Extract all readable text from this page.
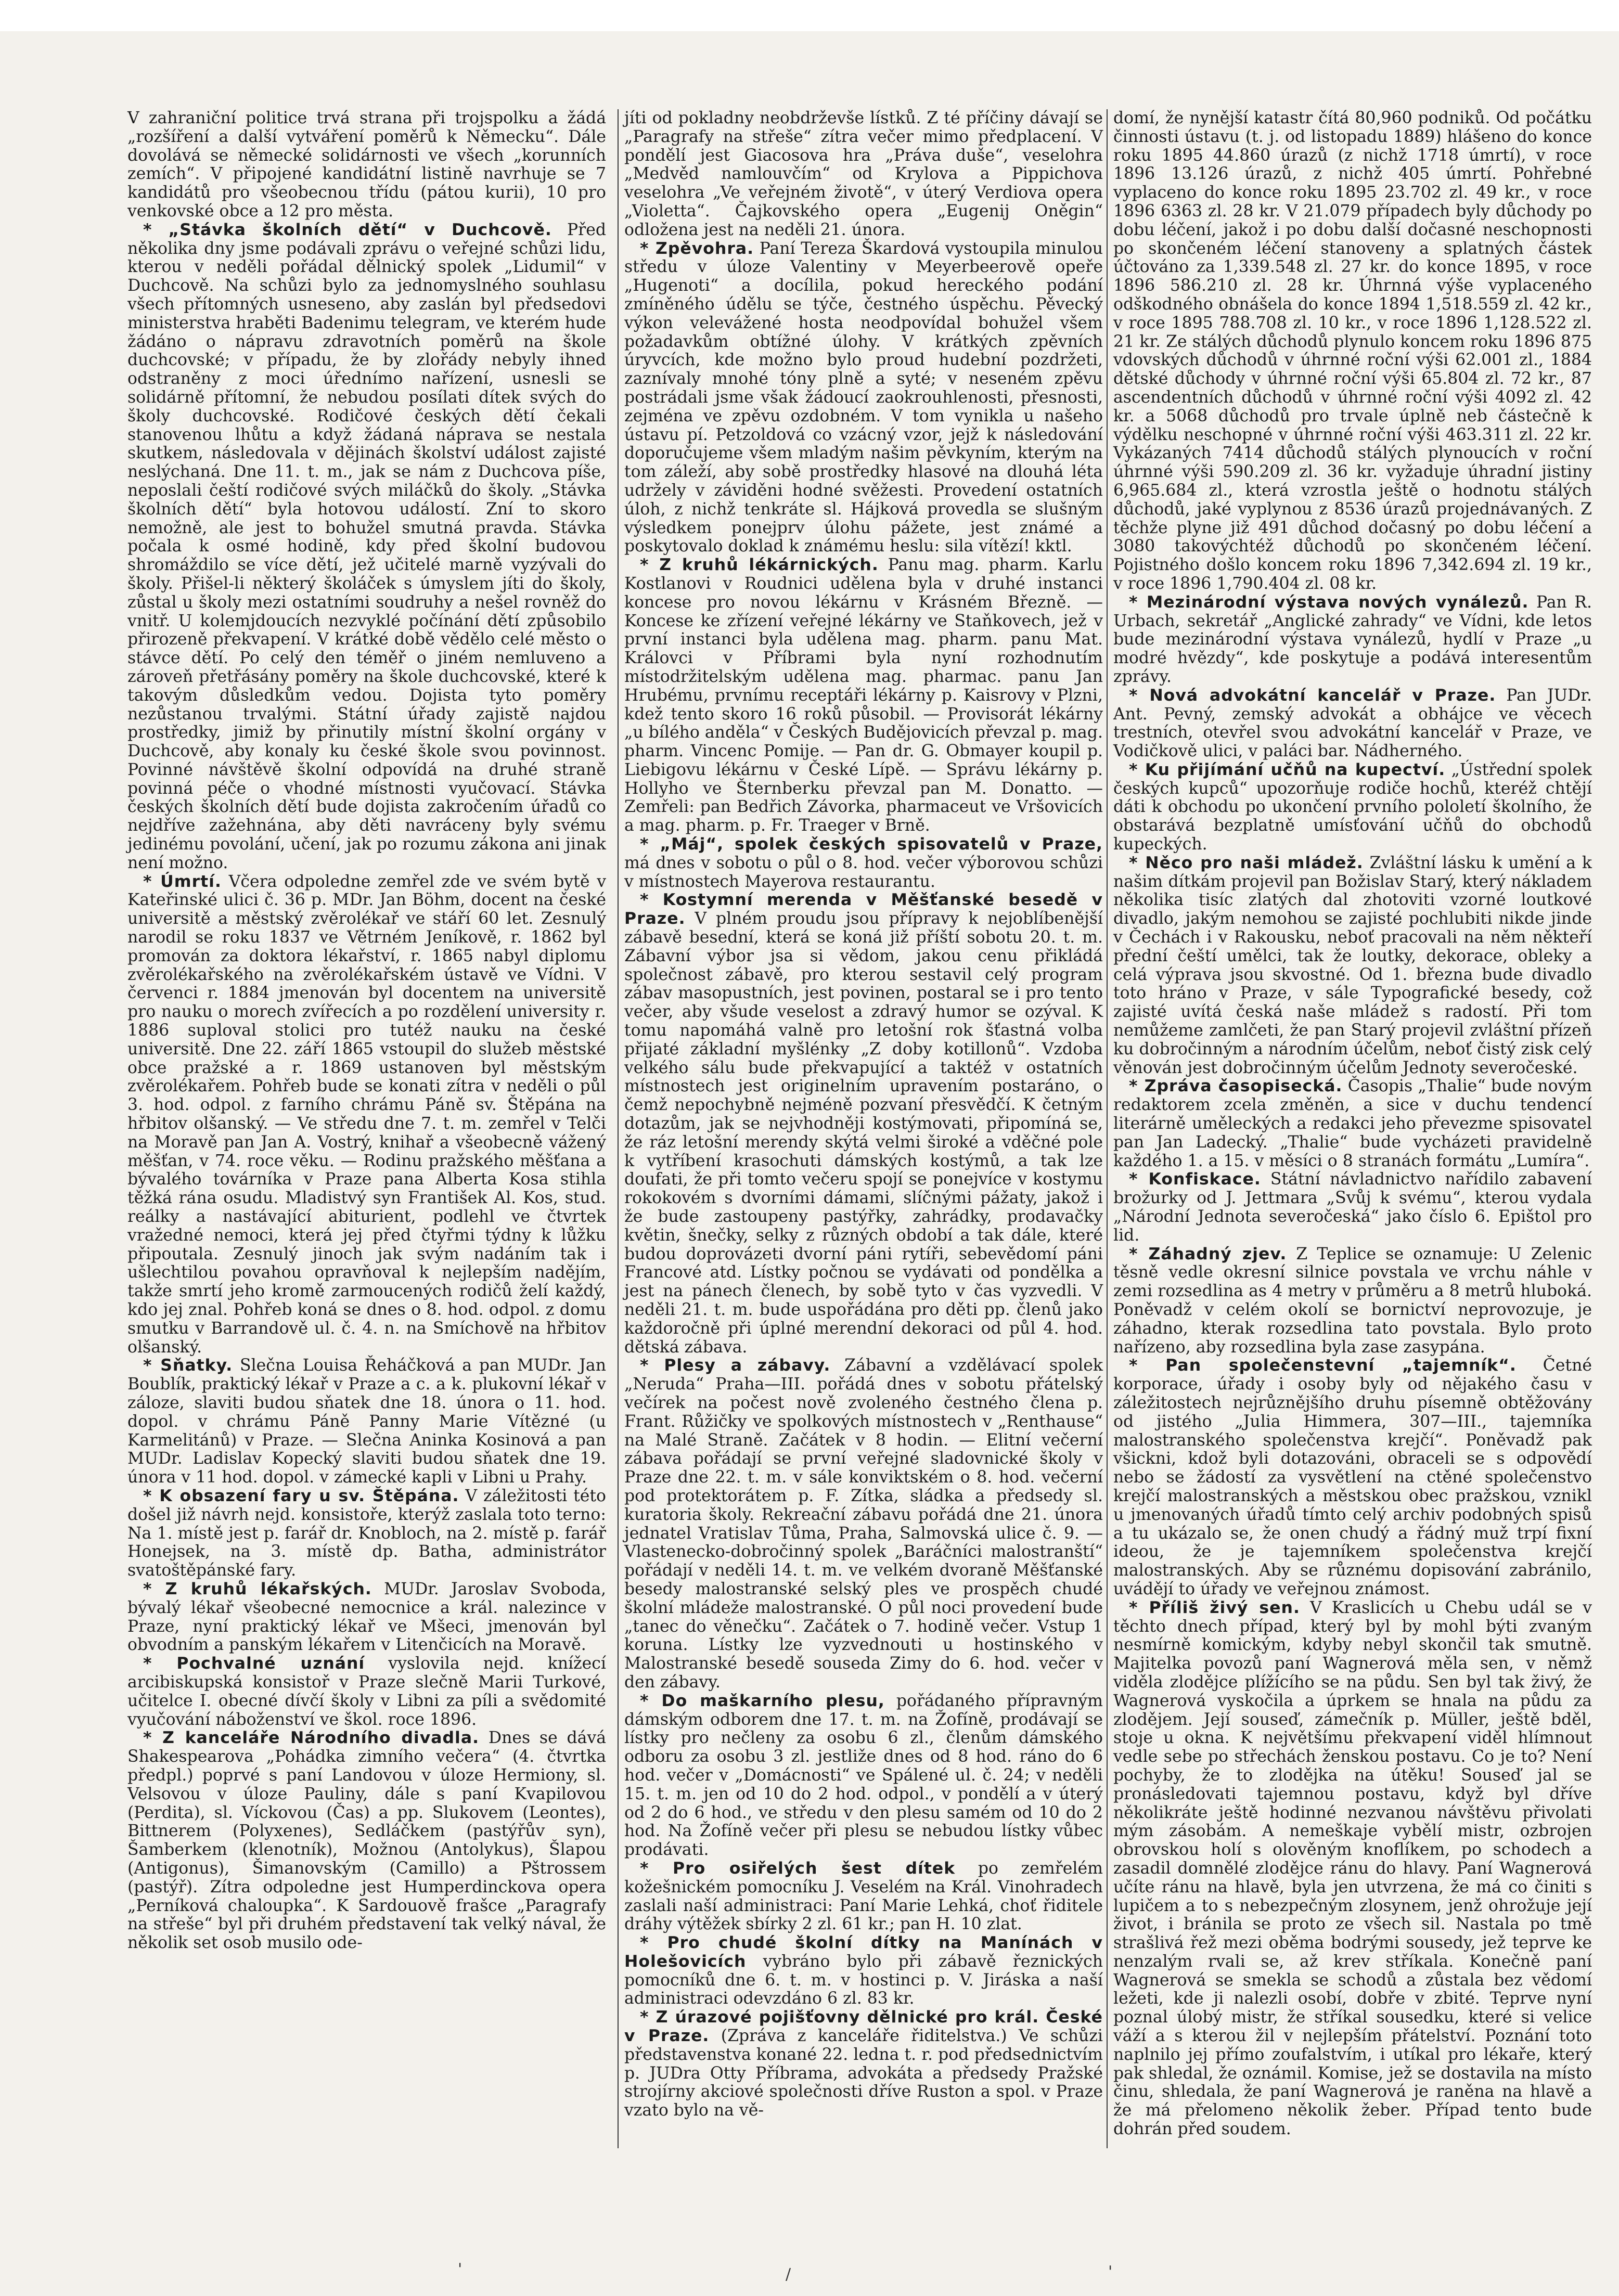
V zahraniční politice trvá strana při trojspolku a žádá „rozšíření a další vytváření poměrů k Německu“. Dále dovolává se německé solidárnosti ve všech „korunních zemích“. V připojené kandidátní listině navrhuje se 7 kandidátů pro všeobecnou třídu (pátou kurii), 10 pro venkovské obce a 12 pro města.

* „Stávka školních dětí“ v Duchcově. Před několika dny jsme podávali zprávu o veřejné schůzi lidu, kterou v neděli pořádal dělnický spolek „Lidumil“ v Duchcově. Na schůzi bylo za jednomyslného souhlasu všech přítomných usneseno, aby zaslán byl předsedovi ministerstva hraběti Badenimu telegram, ve kterém hude žádáno o nápravu zdravotních poměrů na škole duchcovské; v případu, že by zlořády nebyly ihned odstraněny z moci úřednímo nařízení, usnesli se solidárně přítomní, že nebudou posílati dítek svých do školy duchcovské. Rodičové českých dětí čekali stanovenou lhůtu a když žádaná náprava se nestala skutkem, následovala v dějinách školství událost zajisté neslýchaná. Dne 11. t. m., jak se nám z Duchcova píše, neposlali čeští rodičové svých miláčků do školy. „Stávka školních dětí“ byla hotovou událostí. Zní to skoro nemožně, ale jest to bohužel smutná pravda. Stávka počala k osmé hodině, kdy před školní budovou shromáždilo se více dětí, jež učitelé marně vyzývali do školy. Přišel-li některý školáček s úmyslem jíti do školy, zůstal u školy mezi ostatními soudruhy a nešel rovněž do vnitř. U kolemjdoucích nezvyklé počínání dětí způsobilo přirozeně překvapení. V krátké době vědělo celé město o stávce dětí. Po celý den téměř o jiném nemluveno a zároveň přetřásány poměry na škole duchcovské, které k takovým důsledkům vedou. Dojista tyto poměry nezůstanou trvalými. Státní úřady zajistě najdou prostředky, jimiž by přinutily místní školní orgány v Duchcově, aby konaly ku české škole svou povinnost. Povinné návštěvě školní odpovídá na druhé straně povinná péče o vhodné místnosti vyučovací. Stávka českých školních dětí bude dojista zakročením úřadů co nejdříve zažehnána, aby děti navráceny byly svému jedinému povolání, učení, jak po rozumu zákona ani jinak není možno.

* Úmrtí. Včera odpoledne zemřel zde ve svém bytě v Kateřinské ulici č. 36 p. MDr. Jan Böhm, docent na české universitě a městský zvěrolékař ve stáří 60 let. Zesnulý narodil se roku 1837 ve Větrném Jeníkově, r. 1862 byl promován za doktora lékařství, r. 1865 nabyl diplomu zvěrolékařského na zvěrolékařském ústavě ve Vídni. V červenci r. 1884 jmenován byl docentem na universitě pro nauku o morech zvířecích a po rozdělení university r. 1886 suploval stolici pro tutéž nauku na české universitě. Dne 22. září 1865 vstoupil do služeb městské obce pražské a r. 1869 ustanoven byl městským zvěrolékařem. Pohřeb bude se konati zítra v neděli o půl 3. hod. odpol. z farního chrámu Páně sv. Štěpána na hřbitov olšanský. — Ve středu dne 7. t. m. zemřel v Telči na Moravě pan Jan A. Vostrý, knihař a všeobecně vážený měšťan, v 74. roce věku. — Rodinu pražského měšťana a bývalého továrníka v Praze pana Alberta Kosa stihla těžká rána osudu. Mladistvý syn František Al. Kos, stud. reálky a nastávající abiturient, podlehl ve čtvrtek vražedné nemoci, která jej před čtyřmi týdny k lůžku připoutala. Zesnulý jinoch jak svým nadáním tak i ušlechtilou povahou opravňoval k nejlepším nadějím, takže smrtí jeho kromě zarmoucených rodičů želí každý, kdo jej znal. Pohřeb koná se dnes o 8. hod. odpol. z domu smutku v Barrandově ul. č. 4. n. na Smíchově na hřbitov olšanský.

* Sňatky. Slečna Louisa Řeháčková a pan MUDr. Jan Boublík, praktický lékař v Praze a c. a k. plukovní lékař v záloze, slaviti budou sňatek dne 18. února o 11. hod. dopol. v chrámu Páně Panny Marie Vítězné (u Karmelitánů) v Praze. — Slečna Aninka Kosinová a pan MUDr. Ladislav Kopecký slaviti budou sňatek dne 19. února v 11 hod. dopol. v zámecké kapli v Libni u Prahy.

* K obsazení fary u sv. Štěpána. V záležitosti této došel již návrh nejd. konsistoře, kterýž zaslala toto terno: Na 1. místě jest p. farář dr. Knobloch, na 2. místě p. farář Honejsek, na 3. místě dp. Batha, administrátor svatoštěpánské fary.

* Z kruhů lékařských. MUDr. Jaroslav Svoboda, bývalý lékař všeobecné nemocnice a král. nalezince v Praze, nyní praktický lékař ve Mšeci, jmenován byl obvodním a panským lékařem v Litenčicích na Moravě.

* Pochvalné uznání vyslovila nejd. knížecí arcibiskupská konsistoř v Praze slečně Marii Turkové, učitelce I. obecné dívčí školy v Libni za píli a svědomité vyučování náboženství ve škol. roce 1896.

* Z kanceláře Národního divadla. Dnes se dává Shakespearova „Pohádka zimního večera“ (4. čtvrtka předpl.) poprvé s paní Landovou v úloze Hermiony, sl. Velsovou v úloze Pauliny, dále s paní Kvapilovou (Perdita), sl. Víckovou (Čas) a pp. Slukovem (Leontes), Bittnerem (Polyxenes), Sedláčkem (pastýřův syn), Šamberkem (klenotník), Možnou (Antolykus), Šlapou (Antigonus), Šimanovským (Camillo) a Pštrossem (pastýř). Zítra odpoledne jest Humperdinckova opera „Perníková chaloupka“. K Sardouově frašce „Paragrafy na střeše“ byl při druhém představení tak velký nával, že několik set osob musilo ode-

jíti od pokladny neobdrževše lístků. Z té příčiny dávají se „Paragrafy na střeše“ zítra večer mimo předplacení. V pondělí jest Giacosova hra „Práva duše“, veselohra „Medvěd namlouvčím“ od Krylova a Pippichova veselohra „Ve veřejném životě“, v úterý Verdiova opera „Violetta“. Čajkovského opera „Eugenij Oněgin“ odložena jest na neděli 21. února.

* Zpěvohra. Paní Tereza Škardová vystoupila minulou středu v úloze Valentiny v Meyerbeerově opeře „Hugenoti“ a docílila, pokud hereckého podání zmíněného údělu se týče, čestného úspěchu. Pěvecký výkon velevážené hosta neodpovídal bohužel všem požadavkům obtížné úlohy. V krátkých zpěvních úryvcích, kde možno bylo proud hudební pozdržeti, zaznívaly mnohé tóny plně a syté; v neseném zpěvu postrádali jsme však žádoucí zaokrouhlenosti, přesnosti, zejména ve zpěvu ozdobném. V tom vynikla u našeho ústavu pí. Petzoldová co vzácný vzor, jejž k následování doporučujeme všem mladým našim pěvkyním, kterým na tom záleží, aby sobě prostředky hlasové na dlouhá léta udržely v záviděni hodné svěžesti. Provedení ostatních úloh, z nichž tenkráte sl. Hájková provedla se slušným výsledkem ponejprv úlohu pážete, jest známé a poskytovalo doklad k známému heslu: sila vítězí! kktl.

* Z kruhů lékárnických. Panu mag. pharm. Karlu Kostlanovi v Roudnici udělena byla v druhé instanci koncese pro novou lékárnu v Krásném Březně. — Koncese ke zřízení veřejné lékárny ve Staňkovech, jež v první instanci byla udělena mag. pharm. panu Mat. Královci v Příbrami byla nyní rozhodnutím místodržitelským udělena mag. pharmac. panu Jan Hrubému, prvnímu receptáři lékárny p. Kaisrovy v Plzni, kdež tento skoro 16 roků působil. — Provisorát lékárny „u bílého anděla“ v Českých Budějovicích převzal p. mag. pharm. Vincenc Pomije. — Pan dr. G. Obmayer koupil p. Liebigovu lékárnu v České Lípě. — Správu lékárny p. Hollyho ve Šternberku převzal pan M. Donatto. — Zemřeli: pan Bedřich Závorka, pharmaceut ve Vršovicích a mag. pharm. p. Fr. Traeger v Brně.

* „Máj“, spolek českých spisovatelů v Praze, má dnes v sobotu o půl o 8. hod. večer výborovou schůzi v místnostech Mayerova restaurantu.

* Kostymní merenda v Měšťanské besedě v Praze. V plném proudu jsou přípravy k nejoblíbenější zábavě besední, která se koná již příští sobotu 20. t. m. Zábavní výbor jsa si vědom, jakou cenu přikládá společnost zábavě, pro kterou sestavil celý program zábav masopustních, jest povinen, postaral se i pro tento večer, aby všude veselost a zdravý humor se ozýval. K tomu napomáhá valně pro letošní rok šťastná volba přijaté základní myšlénky „Z doby kotillonů“. Vzdoba velkého sálu bude překvapující a taktéž v ostatních místnostech jest originelním upravením postaráno, o čemž nepochybně nejméně pozvaní přesvědčí. K četným dotazům, jak se nejvhodněji kostýmovati, připomíná se, že ráz letošní merendy skýtá velmi široké a vděčné pole k vytříbení krasochuti dámských kostýmů, a tak lze doufati, že při tomto večeru spojí se ponejvíce v kostymu rokokovém s dvorními dámami, slíčnými pážaty, jakož i že bude zastoupeny pastýřky, zahrádky, prodavačky květin, šnečky, selky z různých období a tak dále, které budou doprovázeti dvorní páni rytíři, sebevědomí páni Francové atd. Lístky počnou se vydávati od pondělka a jest na pánech členech, by sobě tyto v čas vyzvedli. V neděli 21. t. m. bude uspořádána pro děti pp. členů jako každoročně při úplné merendní dekoraci od půl 4. hod. dětská zábava.

* Plesy a zábavy. Zábavní a vzdělávací spolek „Neruda“ Praha—III. pořádá dnes v sobotu přátelský večírek na počest nově zvoleného čestného člena p. Frant. Růžičky ve spolkových místnostech v „Renthause“ na Malé Straně. Začátek v 8 hodin. — Elitní večerní zábava pořádají se první veřejné sladovnické školy v Praze dne 22. t. m. v sále konviktském o 8. hod. večerní pod protektorátem p. F. Zítka, sládka a předsedy sl. kuratoria školy. Rekreační zábavu pořádá dne 21. února jednatel Vratislav Tůma, Praha, Salmovská ulice č. 9. — Vlastenecko-dobročinný spolek „Baráčníci malostranští“ pořádají v neděli 14. t. m. ve velkém dvoraně Měšťanské besedy malostranské selský ples ve prospěch chudé školní mládeže malostranské. O půl noci provedení bude „tanec do věnečku“. Začátek o 7. hodině večer. Vstup 1 koruna. Lístky lze vyzvednouti u hostinského v Malostranské besedě souseda Zimy do 6. hod. večer v den zábavy.

* Do maškarního plesu, pořádaného přípravným dámským odborem dne 17. t. m. na Žofíně, prodávají se lístky pro nečleny za osobu 6 zl., členům dámského odboru za osobu 3 zl. jestliže dnes od 8 hod. ráno do 6 hod. večer v „Domácnosti“ ve Spálené ul. č. 24; v neděli 15. t. m. jen od 10 do 2 hod. odpol., v pondělí a v úterý od 2 do 6 hod., ve středu v den plesu samém od 10 do 2 hod. Na Žofíně večer při plesu se nebudou lístky vůbec prodávati.

* Pro osiřelých šest dítek po zemřelém kožešnickém pomocníku J. Veselém na Král. Vinohradech zaslali naší administraci: Paní Marie Lehká, choť řiditele dráhy výtěžek sbírky 2 zl. 61 kr.; pan H. 10 zlat.

* Pro chudé školní dítky na Manínách v Holešovicích vybráno bylo při zábavě řeznických pomocníků dne 6. t. m. v hostinci p. V. Jiráska a naší administraci odevzdáno 6 zl. 83 kr.

* Z úrazové pojišťovny dělnické pro král. České v Praze. (Zpráva z kanceláře řiditelstva.) Ve schůzi představenstva konané 22. ledna t. r. pod předsednictvím p. JUDra Otty Příbrama, advokáta a předsedy Pražské strojírny akciové společnosti dříve Ruston a spol. v Praze vzato bylo na vě-

domí, že nynější katastr čítá 80,960 podniků. Od počátku činnosti ústavu (t. j. od listopadu 1889) hlášeno do konce roku 1895 44.860 úrazů (z nichž 1718 úmrtí), v roce 1896 13.126 úrazů, z nichž 405 úmrtí. Pohřebné vyplaceno do konce roku 1895 23.702 zl. 49 kr., v roce 1896 6363 zl. 28 kr. V 21.079 případech byly důchody po dobu léčení, jakož i po dobu další dočasné neschopnosti po skončeném léčení stanoveny a splatných částek účtováno za 1,339.548 zl. 27 kr. do konce 1895, v roce 1896 586.210 zl. 28 kr. Úhrnná výše vyplaceného odškodného obnášela do konce 1894 1,518.559 zl. 42 kr., v roce 1895 788.708 zl. 10 kr., v roce 1896 1,128.522 zl. 21 kr. Ze stálých důchodů plynulo koncem roku 1896 875 vdovských důchodů v úhrnné roční výši 62.001 zl., 1884 dětské důchody v úhrnné roční výši 65.804 zl. 72 kr., 87 ascendentních důchodů v úhrnné roční výši 4092 zl. 42 kr. a 5068 důchodů pro trvale úplně neb částečně k výdělku neschopné v úhrnné roční výši 463.311 zl. 22 kr. Vykázaných 7414 důchodů stálých plynoucích v roční úhrnné výši 590.209 zl. 36 kr. vyžaduje úhradní jistiny 6,965.684 zl., která vzrostla ještě o hodnotu stálých důchodů, jaké vyplynou z 8536 úrazů projednávaných. Z těchže plyne již 491 důchod dočasný po dobu léčení a 3080 takovýchtéž důchodů po skončeném léčení. Pojistného došlo koncem roku 1896 7,342.694 zl. 19 kr., v roce 1896 1,790.404 zl. 08 kr.

* Mezinárodní výstava nových vynálezů. Pan R. Urbach, sekretář „Anglické zahrady“ ve Vídni, kde letos bude mezinárodní výstava vynálezů, hydlí v Praze „u modré hvězdy“, kde poskytuje a podává interesentům zprávy.

* Nová advokátní kancelář v Praze. Pan JUDr. Ant. Pevný, zemský advokát a obhájce ve věcech trestních, otevřel svou advokátní kancelář v Praze, ve Vodičkově ulici, v paláci bar. Nádherného.

* Ku přijímání učňů na kupectví. „Ústřední spolek českých kupců“ upozorňuje rodiče hochů, kteréž chtějí dáti k obchodu po ukončení prvního pololetí školního, že obstarává bezplatně umísťování učňů do obchodů kupeckých.

* Něco pro naši mládež. Zvláštní lásku k umění a k našim dítkám projevil pan Božislav Starý, který nákladem několika tisíc zlatých dal zhotoviti vzorné loutkové divadlo, jakým nemohou se zajisté pochlubiti nikde jinde v Čechách i v Rakousku, neboť pracovali na něm někteří přední čeští umělci, tak že loutky, dekorace, obleky a celá výprava jsou skvostné. Od 1. března bude divadlo toto hráno v Praze, v sále Typografické besedy, což zajisté uvítá česká naše mládež s radostí. Při tom nemůžeme zamlčeti, že pan Starý projevil zvláštní přízeň ku dobročinným a národním účelům, neboť čistý zisk celý věnován jest dobročinným účelům Jednoty severočeské.

* Zpráva časopisecká. Časopis „Thalie“ bude novým redaktorem zcela změněn, a sice v duchu tendencí literárně uměleckých a redakci jeho převezme spisovatel pan Jan Ladecký. „Thalie“ bude vycházeti pravidelně každého 1. a 15. v měsíci o 8 stranách formátu „Lumíra“.

* Konfiskace. Státní návladnictvo nařídilo zabavení brožurky od J. Jettmara „Svůj k svému“, kterou vydala „Národní Jednota severočeská“ jako číslo 6. Epištol pro lid.

* Záhadný zjev. Z Teplice se oznamuje: U Zelenic těsně vedle okresní silnice povstala ve vrchu náhle v zemi rozsedlina as 4 metry v průměru a 8 metrů hluboká. Poněvadž v celém okolí se bornictví neprovozuje, je záhadno, kterak rozsedlina tato povstala. Bylo proto nařízeno, aby rozsedlina byla zase zasypána.

* Pan společenstevní „tajemník“. Četné korporace, úřady i osoby byly od nějakého času v záležitostech nejrůznějšího druhu písemně obtěžovány od jistého „Julia Himmera, 307—III., tajemníka malostranského společenstva krejčí“. Poněvadž pak všickni, kdož byli dotazováni, obraceli se s odpovědí nebo se žádostí za vysvětlení na ctěné společenstvo krejčí malostranských a městskou obec pražskou, vznikl u jmenovaných úřadů tímto celý archiv podobných spisů a tu ukázalo se, že onen chudý a řádný muž trpí fixní ideou, že je tajemníkem společenstva krejčí malostranských. Aby se různému dopisování zabránilo, uvádějí to úřady ve veřejnou známost.

* Příliš živý sen. V Kraslicích u Chebu udál se v těchto dnech případ, který byl by mohl býti zvaným nesmírně komickým, kdyby nebyl skončil tak smutně. Majitelka povozů paní Wagnerová měla sen, v němž viděla zlodějce plížícího se na půdu. Sen byl tak živý, že Wagnerová vyskočila a úprkem se hnala na půdu za zlodějem. Její souseď, zámečník p. Müller, ještě bděl, stoje u okna. K největšímu překvapení viděl hlímnout vedle sebe po střechách ženskou postavu. Co je to? Není pochyby, že to zlodějka na útěku! Souseď jal se pronásledovati tajemnou postavu, když byl dříve několikráte ještě hodinné nezvanou návštěvu přivolati mým zásobám. A nemeškaje vybělí mistr, ozbrojen obrovskou holí s olověným knoflíkem, po schodech a zasadil domnělé zlodějce ránu do hlavy. Paní Wagnerová učíte ránu na hlavě, byla jen utvrzena, že má co činiti s lupičem a to s nebezpečným zlosynem, jenž ohrožuje její život, i bránila se proto ze všech sil. Nastala po tmě strašlivá řež mezi oběma bodrými sousedy, jež teprve ke nenzalým rvali se, až krev stříkala. Konečně paní Wagnerová se smekla se schodů a zůstala bez vědomí ležeti, kde ji nalezli osobí, dobře v zbité. Teprve nyní poznal úlobý mistr, že stříkal sousedku, které si velice váží a s kterou žil v nejlepším přátelství. Poznání toto naplnilo jej přímo zoufalstvím, i utíkal pro lékaře, který pak shledal, že oznámil. Komise, jež se dostavila na místo činu, shledala, že paní Wagnerová je raněna na hlavě a že má přelomeno několik žeber. Případ tento bude dohrán před soudem.

'	/	'
